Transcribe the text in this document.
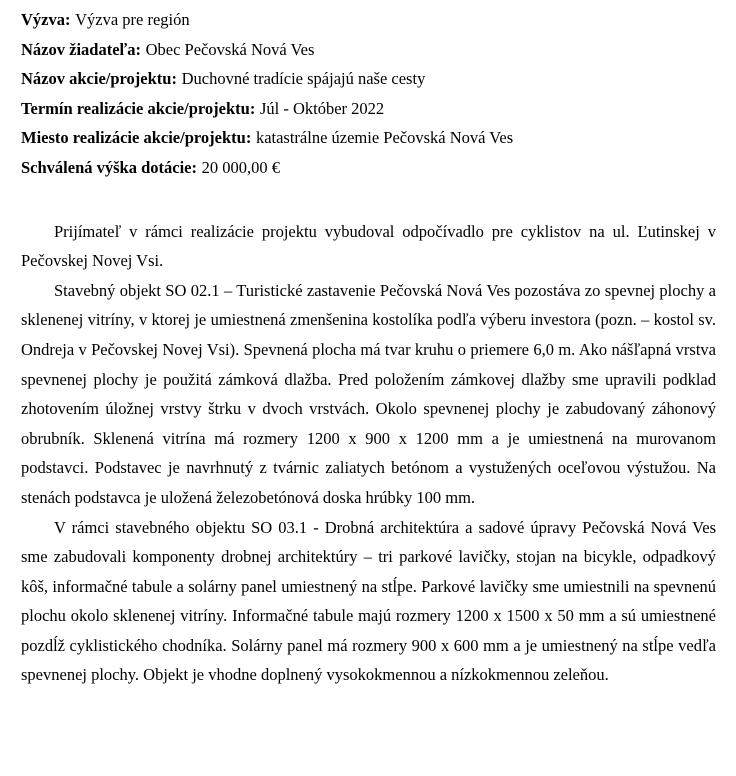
Výzva: Výzva pre región
Názov žiadateľa: Obec Pečovská Nová Ves
Názov akcie/projektu: Duchovné tradície spájajú naše cesty
Termín realizácie akcie/projektu: Júl - Október 2022
Miesto realizácie akcie/projektu: katastrálne územie Pečovská Nová Ves
Schválená výška dotácie: 20 000,00 €

Prijímateľ v rámci realizácie projektu vybudoval odpočívadlo pre cyklistov na ul. Ľutinskej v Pečovskej Novej Vsi.

Stavebný objekt SO 02.1 – Turistické zastavenie Pečovská Nová Ves pozostáva zo spevnej plochy a sklenenej vitríny, v ktorej je umiestnená zmenšenina kostolíka podľa výberu investora (pozn. – kostol sv. Ondreja v Pečovskej Novej Vsi). Spevnená plocha má tvar kruhu o priemere 6,0 m. Ako nášľapná vrstva spevnenej plochy je použitá zámková dlažba. Pred položením zámkovej dlažby sme upravili podklad zhotovením úložnej vrstvy štrku v dvoch vrstvách. Okolo spevnenej plochy je zabudovaný záhonový obrubník. Sklenená vitrína má rozmery 1200 x 900 x 1200 mm a je umiestnená na murovanom podstavci. Podstavec je navrhnutý z tvárnic zaliatych betónom a vystužených oceľovou výstužou. Na stenách podstavca je uložená železobetónová doska hrúbky 100 mm.

V rámci stavebného objektu SO 03.1 - Drobná architektúra a sadové úpravy Pečovská Nová Ves sme zabudovali komponenty drobnej architektúry – tri parkové lavičky, stojan na bicykle, odpadkový kôš, informačné tabule a solárny panel umiestnený na stĺpe. Parkové lavičky sme umiestnili na spevnenú plochu okolo sklenenej vitríny. Informačné tabule majú rozmery 1200 x 1500 x 50 mm a sú umiestnené pozdĺž cyklistického chodníka. Solárny panel má rozmery 900 x 600 mm a je umiestnený na stĺpe vedľa spevnenej plochy. Objekt je vhodne doplnený vysokokmennou a nízkokmennou zeleňou.
